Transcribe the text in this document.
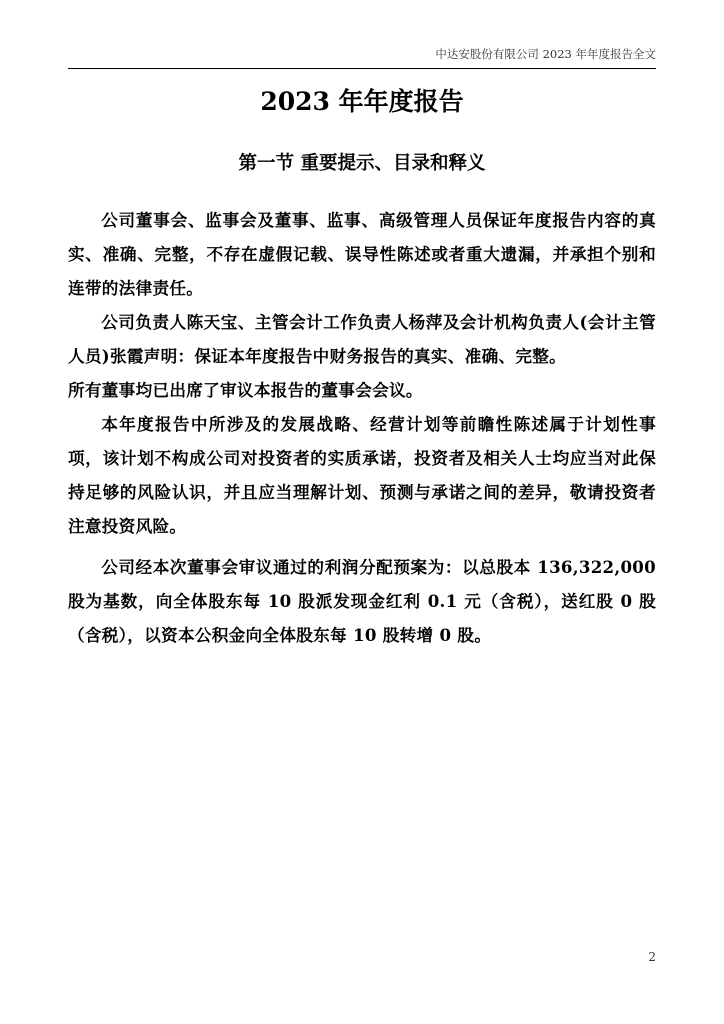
中达安股份有限公司 2023 年年度报告全文
2023 年年度报告
第一节 重要提示、目录和释义

公司董事会、监事会及董事、监事、高级管理人员保证年度报告内容的真实、准确、完整，不存在虚假记载、误导性陈述或者重大遗漏，并承担个别和连带的法律责任。

公司负责人陈天宝、主管会计工作负责人杨萍及会计机构负责人(会计主管人员)张霞声明：保证本年度报告中财务报告的真实、准确、完整。

所有董事均已出席了审议本报告的董事会会议。

本年度报告中所涉及的发展战略、经营计划等前瞻性陈述属于计划性事项，该计划不构成公司对投资者的实质承诺，投资者及相关人士均应当对此保持足够的风险认识，并且应当理解计划、预测与承诺之间的差异，敬请投资者注意投资风险。

公司经本次董事会审议通过的利润分配预案为：以总股本 136,322,000 股为基数，向全体股东每 10 股派发现金红利 0.1 元（含税），送红股 0 股（含税），以资本公积金向全体股东每 10 股转增 0 股。

2
